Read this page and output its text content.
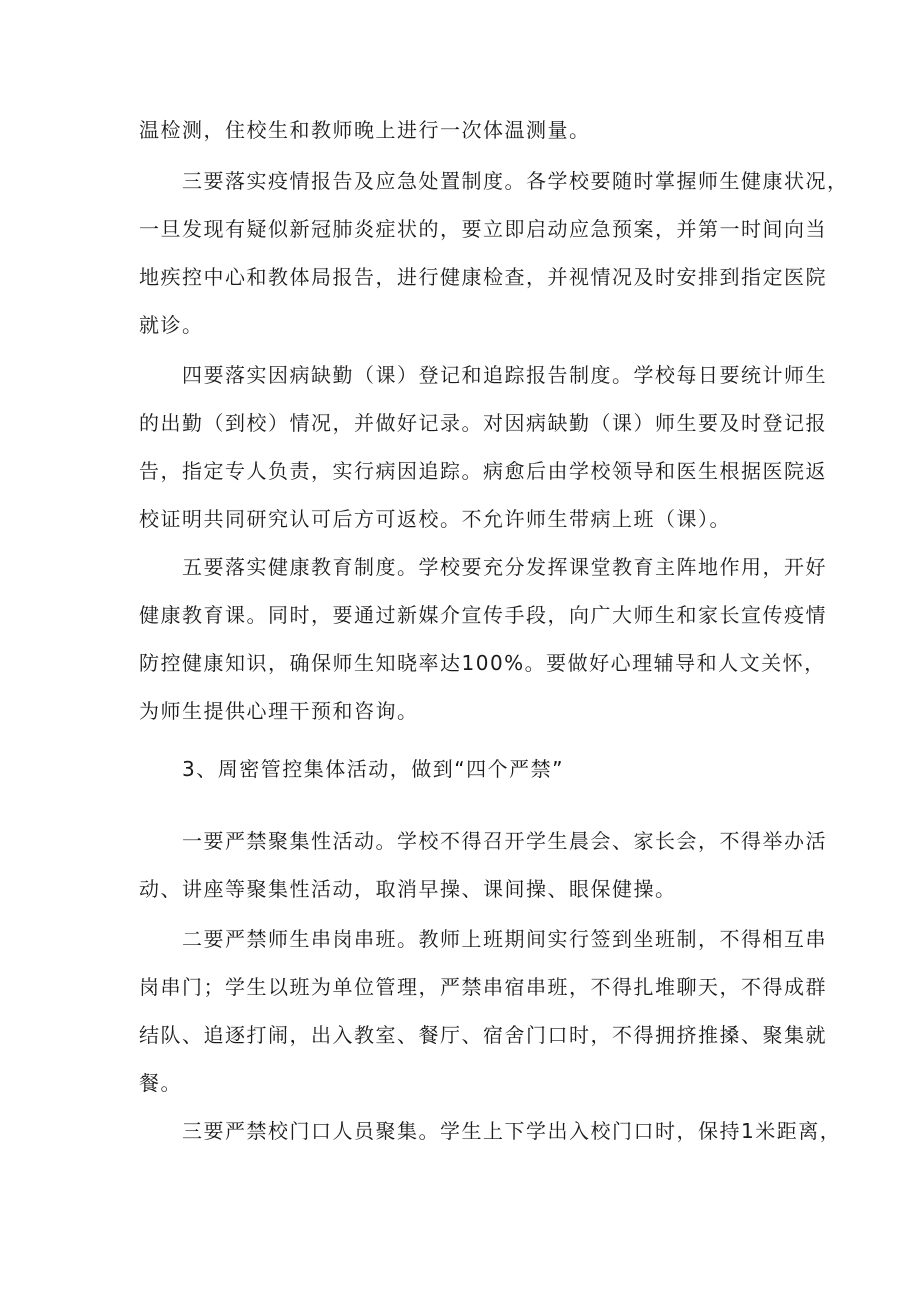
温检测，住校生和教师晚上进行一次体温测量。
三要落实疫情报告及应急处置制度。各学校要随时掌握师生健康状况，
一旦发现有疑似新冠肺炎症状的，要立即启动应急预案，并第一时间向当
地疾控中心和教体局报告，进行健康检查，并视情况及时安排到指定医院
就诊。
四要落实因病缺勤（课）登记和追踪报告制度。学校每日要统计师生
的出勤（到校）情况，并做好记录。对因病缺勤（课）师生要及时登记报
告，指定专人负责，实行病因追踪。病愈后由学校领导和医生根据医院返
校证明共同研究认可后方可返校。不允许师生带病上班（课）。
五要落实健康教育制度。学校要充分发挥课堂教育主阵地作用，开好
健康教育课。同时，要通过新媒介宣传手段，向广大师生和家长宣传疫情
防控健康知识，确保师生知晓率达100%。要做好心理辅导和人文关怀，
为师生提供心理干预和咨询。
3、周密管控集体活动，做到“四个严禁”
一要严禁聚集性活动。学校不得召开学生晨会、家长会，不得举办活
动、讲座等聚集性活动，取消早操、课间操、眼保健操。
二要严禁师生串岗串班。教师上班期间实行签到坐班制，不得相互串
岗串门；学生以班为单位管理，严禁串宿串班，不得扎堆聊天，不得成群
结队、追逐打闹，出入教室、餐厅、宿舍门口时，不得拥挤推搡、聚集就
餐。
三要严禁校门口人员聚集。学生上下学出入校门口时，保持1米距离，
